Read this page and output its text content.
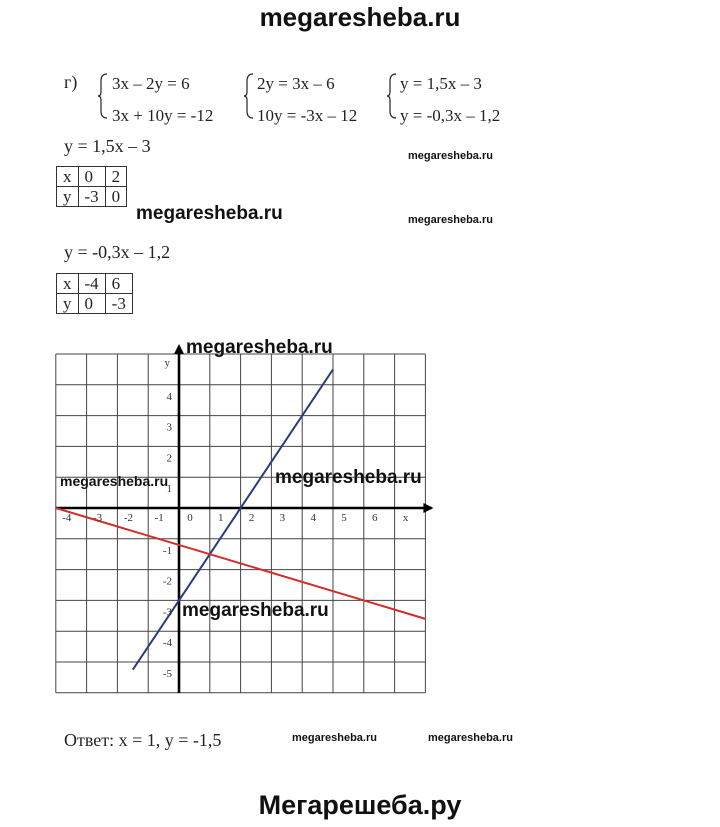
megaresheba.ru
г) 3x – 2y = 6
3x + 10y = -12
2y = 3x – 6
10y = -3x – 12
y = 1,5x – 3
y = -0,3x – 1,2
y = 1,5x – 3
x	0	2
y	-3	0
y = -0,3x – 1,2
x	-4	6
y	0	-3
-4 -3 -2 -1 0 1 2 3 4 5 6 x
4
3
2
1
-1
-2
-3
-4
-5
y
megaresheba.ru
megaresheba.ru	megaresheba.ru
megaresheba.ru
megaresheba.ru	megaresheba.ru
megaresheba.ru
megaresheba.ru	megaresheba.ru
Ответ: x = 1, y = -1,5
Мегарешеба.ру
